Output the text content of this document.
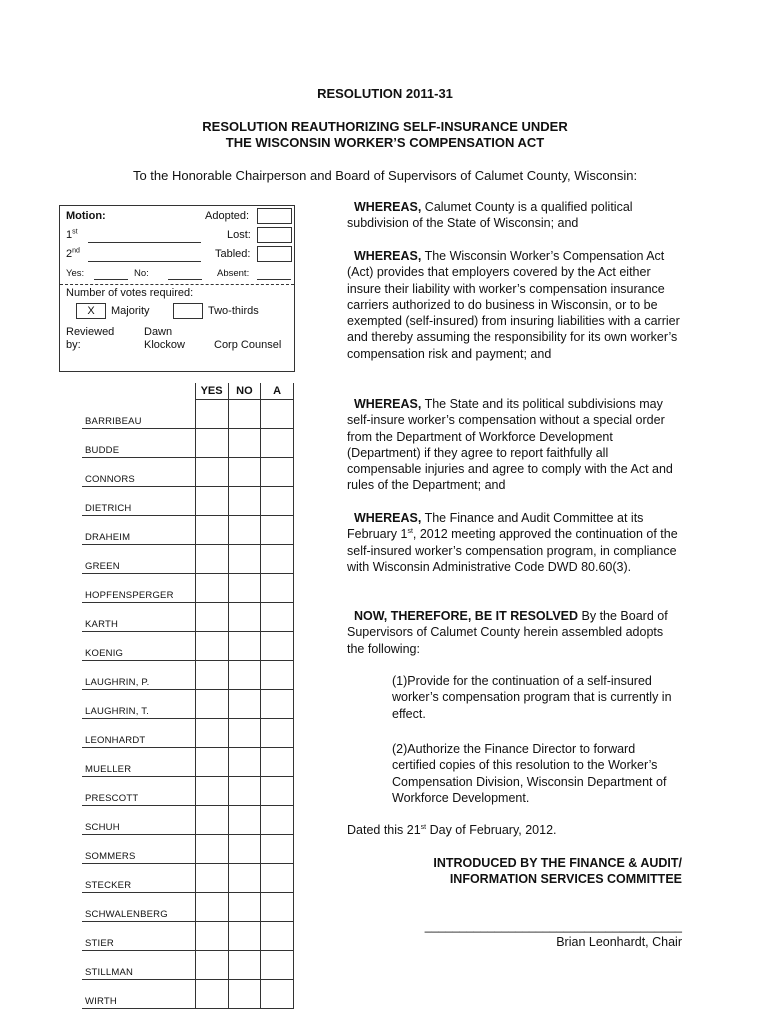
RESOLUTION 2011-31
RESOLUTION REAUTHORIZING SELF-INSURANCE UNDER
THE WISCONSIN WORKER’S COMPENSATION ACT
To the Honorable Chairperson and Board of Supervisors of Calumet County, Wisconsin:
Motion:	Adopted:
1st	Lost:
2nd	Tabled:
Yes:	No:	Absent:
Number of votes required:
X	Majority	Two-thirds
Reviewed
by:
Dawn
Klockow	Corp Counsel
	YES	NO	A
BARRIBEAU			
BUDDE			
CONNORS			
DIETRICH			
DRAHEIM			
GREEN			
HOPFENSPERGER			
KARTH			
KOENIG			
LAUGHRIN, P.			
LAUGHRIN, T.			
LEONHARDT			
MUELLER			
PRESCOTT			
SCHUH			
SOMMERS			
STECKER			
SCHWALENBERG			
STIER			
STILLMAN			
WIRTH			

WHEREAS, Calumet County is a qualified political subdivision of the State of Wisconsin; and

WHEREAS, The Wisconsin Worker’s Compensation Act (Act) provides that employers covered by the Act either insure their liability with worker’s compensation insurance carriers authorized to do business in Wisconsin, or to be exempted (self-insured) from insuring liabilities with a carrier and thereby assuming the responsibility for its own worker’s compensation risk and payment; and

WHEREAS, The State and its political subdivisions may self-insure worker’s compensation without a special order from the Department of Workforce Development (Department) if they agree to report faithfully all compensable injuries and agree to comply with the Act and rules of the Department; and

WHEREAS, The Finance and Audit Committee at its February 1st, 2012 meeting approved the continuation of the self-insured worker’s compensation program, in compliance with Wisconsin Administrative Code DWD 80.60(3).

NOW, THEREFORE, BE IT RESOLVED By the Board of Supervisors of Calumet County herein assembled adopts the following:

(1)Provide for the continuation of a self-insured worker’s compensation program that is currently in effect.
(2)Authorize the Finance Director to forward certified copies of this resolution to the Worker’s Compensation Division, Wisconsin Department of Workforce Development.

Dated this 21st Day of February, 2012.

INTRODUCED BY THE FINANCE & AUDIT/
INFORMATION SERVICES COMMITTEE
_____________________________________
Brian Leonhardt, Chair
